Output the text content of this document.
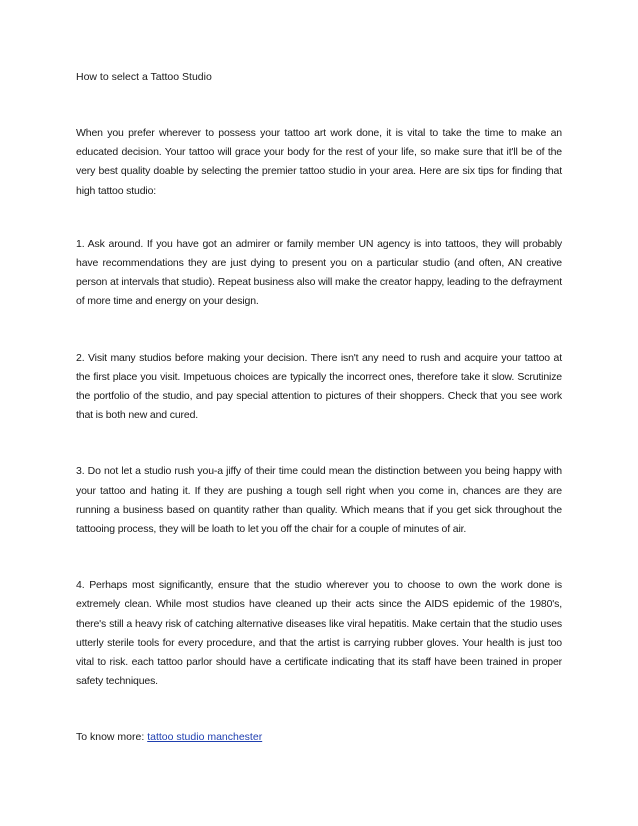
How to select a Tattoo Studio

When you prefer wherever to possess your tattoo art work done, it is vital to take the time to make an educated decision. Your tattoo will grace your body for the rest of your life, so make sure that it'll be of the very best quality doable by selecting the premier tattoo studio in your area. Here are six tips for finding that high tattoo studio:

1. Ask around. If you have got an admirer or family member UN agency is into tattoos, they will probably have recommendations they are just dying to present you on a particular studio (and often, AN creative person at intervals that studio). Repeat business also will make the creator happy, leading to the defrayment of more time and energy on your design.

2. Visit many studios before making your decision. There isn't any need to rush and acquire your tattoo at the first place you visit. Impetuous choices are typically the incorrect ones, therefore take it slow. Scrutinize the portfolio of the studio, and pay special attention to pictures of their shoppers. Check that you see work that is both new and cured.

3. Do not let a studio rush you-a jiffy of their time could mean the distinction between you being happy with your tattoo and hating it. If they are pushing a tough sell right when you come in, chances are they are running a business based on quantity rather than quality. Which means that if you get sick throughout the tattooing process, they will be loath to let you off the chair for a couple of minutes of air.

4. Perhaps most significantly, ensure that the studio wherever you to choose to own the work done is extremely clean. While most studios have cleaned up their acts since the AIDS epidemic of the 1980's, there's still a heavy risk of catching alternative diseases like viral hepatitis. Make certain that the studio uses utterly sterile tools for every procedure, and that the artist is carrying rubber gloves. Your health is just too vital to risk. each tattoo parlor should have a certificate indicating that its staff have been trained in proper safety techniques.

To know more: tattoo studio manchester
